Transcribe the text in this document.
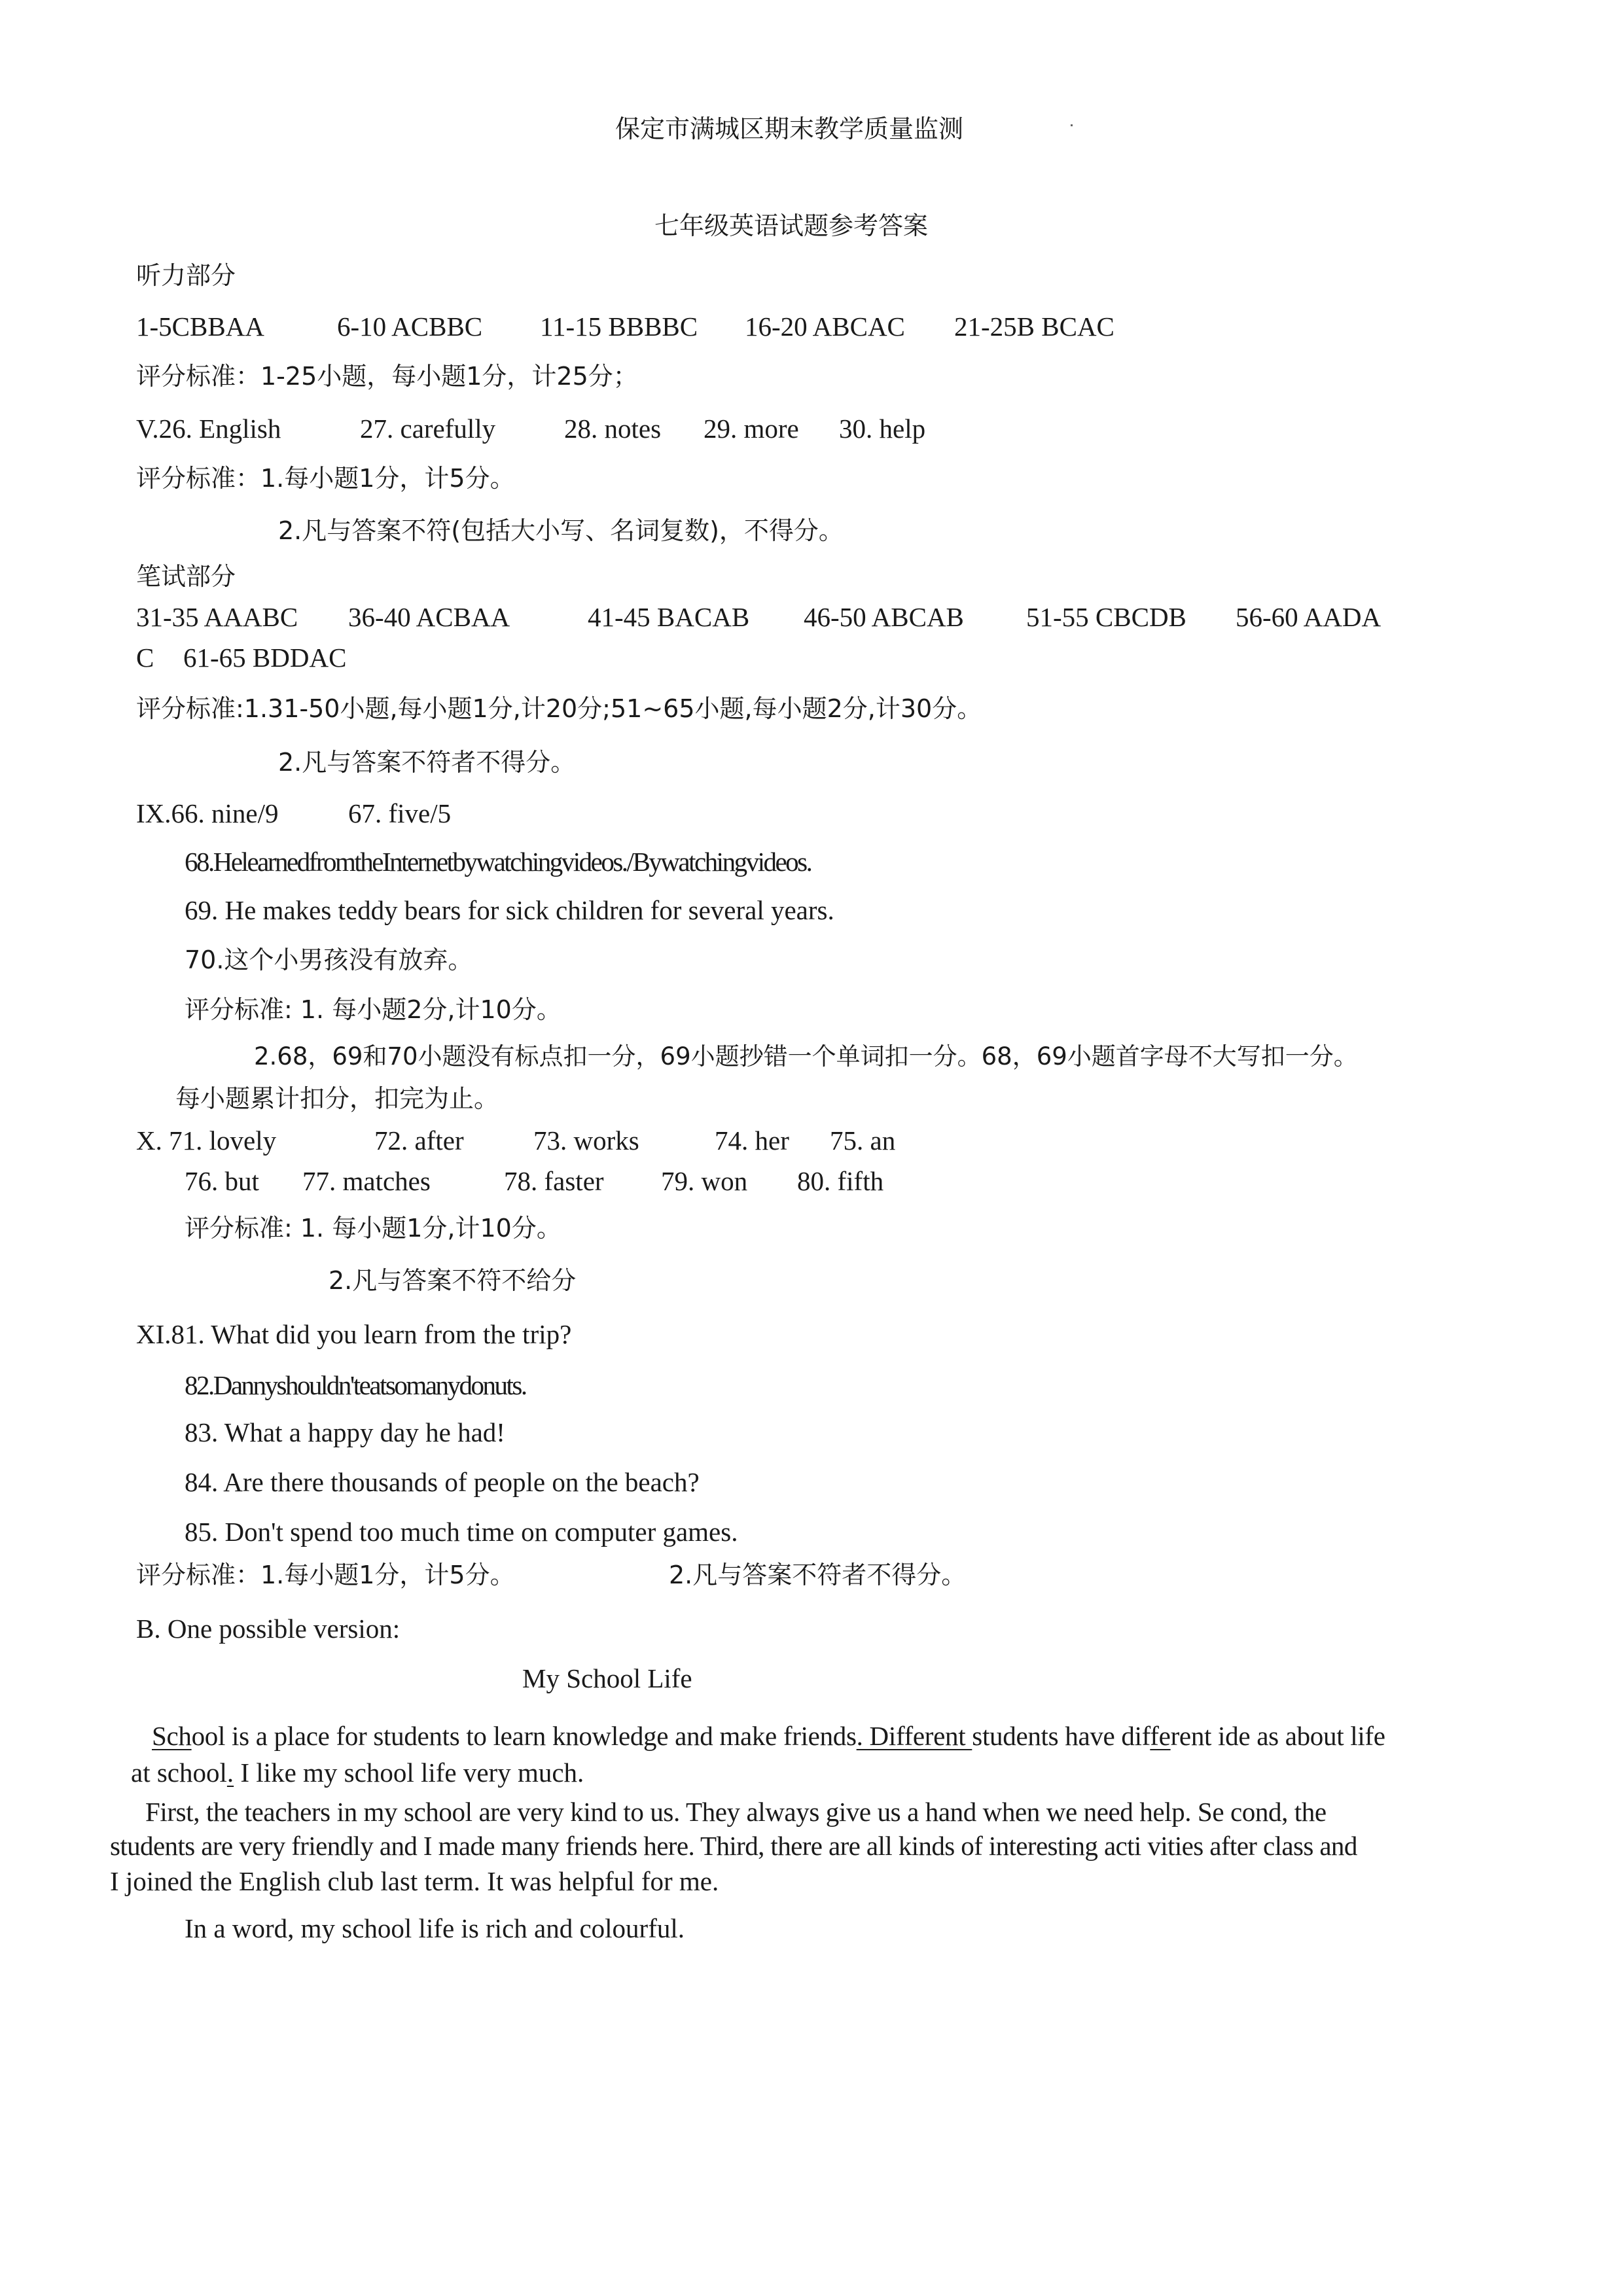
保定市满城区期末教学质量监测
七年级英语试题参考答案
听力部分
1-5CBBAA	6-10 ACBBC 11-15 BBBBC 16-20 ABCAC 21-25B BCAC
评分标准：1-25小题，每小题1分，计25分；
V.26. English	27. carefully	28. notes 29. more 30. help
评分标准：1.每小题1分，计5分。
2.凡与答案不符(包括大小写、名词复数)，不得分。
笔试部分
31-35 AAABC 36-40 ACBAA	41-45 BACAB 46-50 ABCAB 51-55 CBCDB 56-60 AADA
C 61-65 BDDAC
评分标准:1.31-50小题,每小题1分,计20分;51~65小题,每小题2分,计30分。
2.凡与答案不符者不得分。
IX.66. nine/9	67. five/5
68.HelearnedfromtheInternetbywatchingvideos./Bywatchingvideos.
69. He makes teddy bears for sick children for several years.
70.这个小男孩没有放弃。
评分标准: 1. 每小题2分,计10分。
2.68，69和70小题没有标点扣一分，69小题抄错一个单词扣一分。68，69小题首字母不大写扣一分。
每小题累计扣分，扣完为止。
X. 71. lovely	72. after	73. works	74. her 75. an
76. but 77. matches	78. faster 79. won 80. fifth
评分标准: 1. 每小题1分,计10分。
2.凡与答案不符不给分
XI.81. What did you learn from the trip?
82.Dannyshouldn'teatsomanydonuts.
83. What a happy day he had!
84. Are there thousands of people on the beach?
85. Don't spend too much time on computer games.
评分标准：1.每小题1分，计5分。	2.凡与答案不符者不得分。
B. One possible version:
My School Life
School is a place for students to learn knowledge and make friends. Different students have different ide as about life
at school. I like my school life very much.
First, the teachers in my school are very kind to us. They always give us a hand when we need help. Se cond, the
students are very friendly and I made many friends here. Third, there are all kinds of interesting acti vities after class and
I joined the English club last term. It was helpful for me.
In a word, my school life is rich and colourful.
